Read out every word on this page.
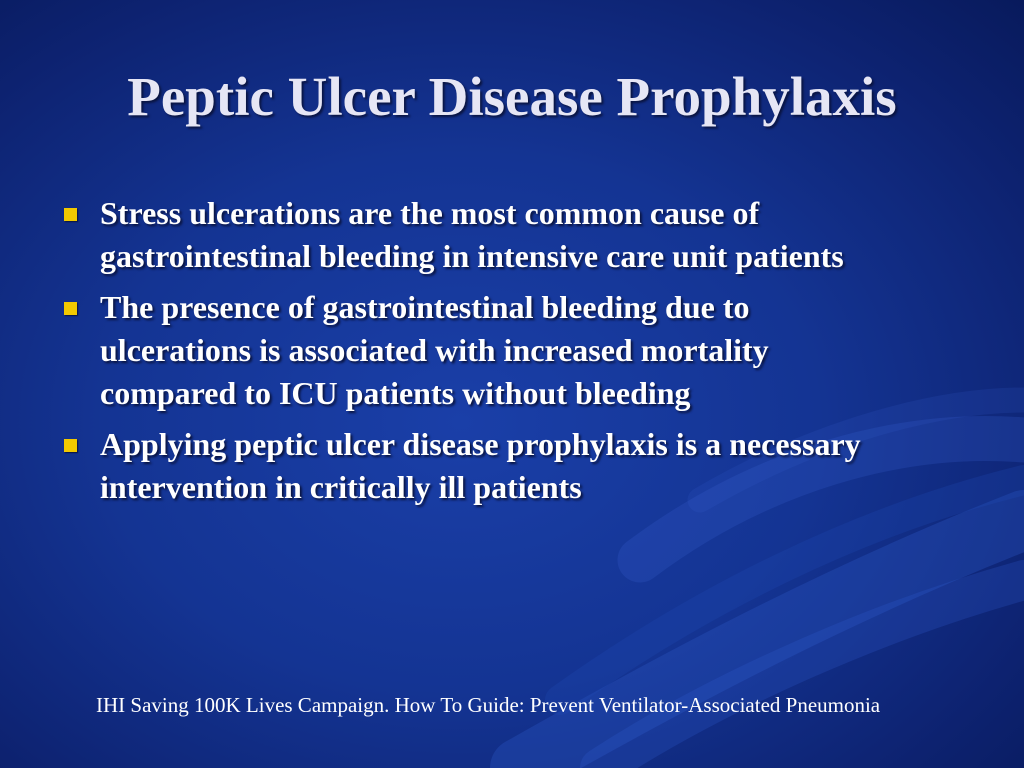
Peptic Ulcer Disease Prophylaxis
Stress ulcerations are the most common cause of gastrointestinal bleeding in intensive care unit patients
The presence of gastrointestinal bleeding due to ulcerations is associated with increased mortality compared to ICU patients without bleeding
Applying peptic ulcer disease prophylaxis is a necessary intervention in critically ill patients

IHI Saving 100K Lives Campaign. How To Guide: Prevent Ventilator-Associated Pneumonia
